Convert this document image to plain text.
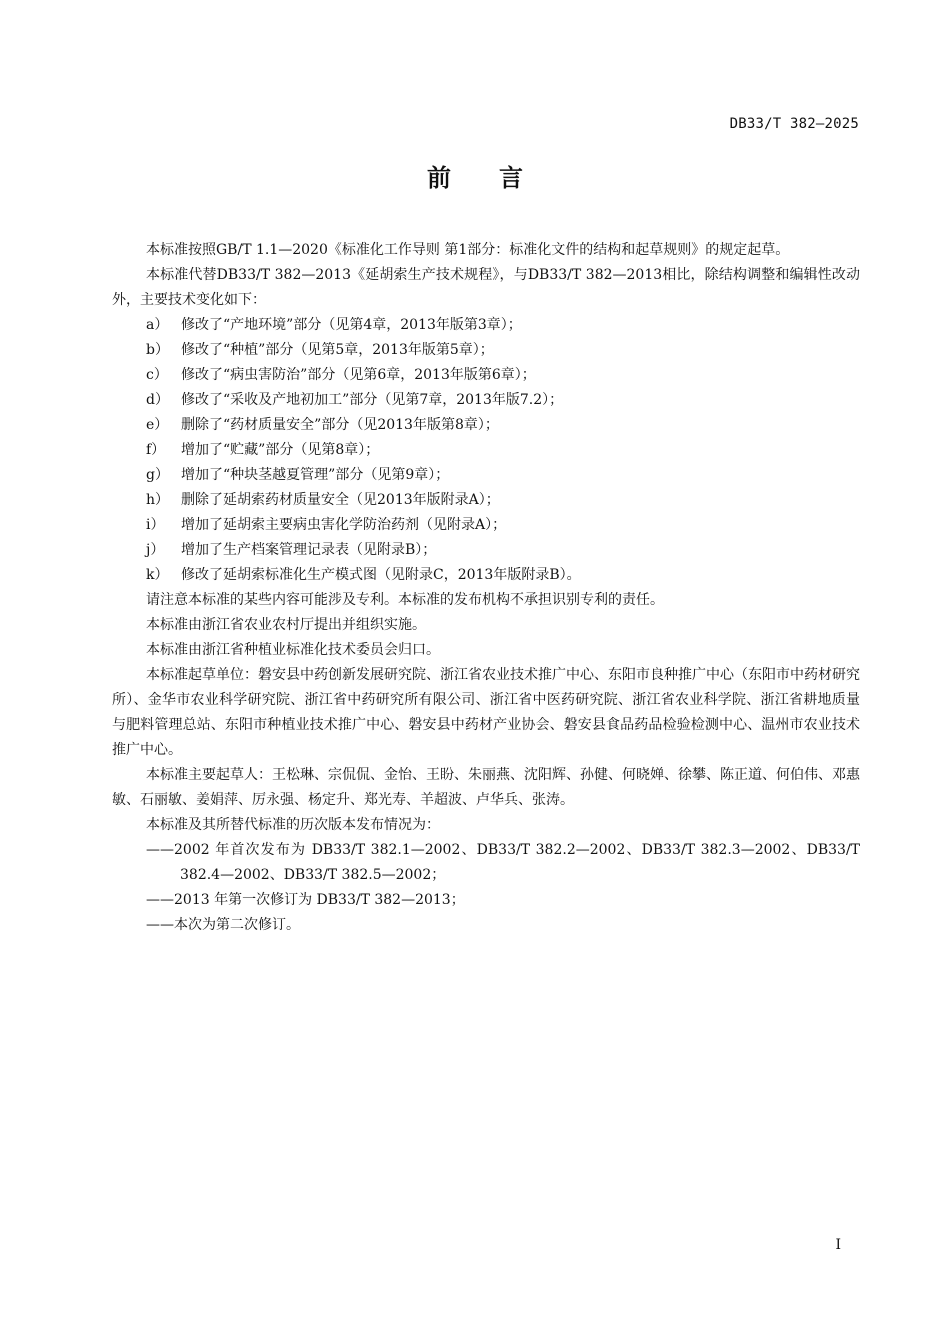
DB33/T 382—2025
前言

本标准按照GB/T 1.1—2020《标准化工作导则 第1部分：标准化文件的结构和起草规则》的规定起草。

本标准代替DB33/T 382—2013《延胡索生产技术规程》，与DB33/T 382—2013相比，除结构调整和编辑性改动外，主要技术变化如下：

a） 修改了“产地环境”部分（见第4章，2013年版第3章）；

b） 修改了“种植”部分（见第5章，2013年版第5章）；

c） 修改了“病虫害防治”部分（见第6章，2013年版第6章）；

d） 修改了“采收及产地初加工”部分（见第7章，2013年版7.2）；

e） 删除了“药材质量安全”部分（见2013年版第8章）；

f） 增加了“贮藏”部分（见第8章）；

g） 增加了“种块茎越夏管理”部分（见第9章）；

h） 删除了延胡索药材质量安全（见2013年版附录A）；

i） 增加了延胡索主要病虫害化学防治药剂（见附录A）；

j） 增加了生产档案管理记录表（见附录B）；

k） 修改了延胡索标准化生产模式图（见附录C，2013年版附录B）。

请注意本标准的某些内容可能涉及专利。本标准的发布机构不承担识别专利的责任。

本标准由浙江省农业农村厅提出并组织实施。

本标准由浙江省种植业标准化技术委员会归口。

本标准起草单位：磐安县中药创新发展研究院、浙江省农业技术推广中心、东阳市良种推广中心（东阳市中药材研究所）、金华市农业科学研究院、浙江省中药研究所有限公司、浙江省中医药研究院、浙江省农业科学院、浙江省耕地质量与肥料管理总站、东阳市种植业技术推广中心、磐安县中药材产业协会、磐安县食品药品检验检测中心、温州市农业技术推广中心。

本标准主要起草人：王松琳、宗侃侃、金怡、王盼、朱丽燕、沈阳辉、孙健、何晓婵、徐攀、陈正道、何伯伟、邓惠敏、石丽敏、姜娟萍、厉永强、杨定升、郑光寿、羊超波、卢华兵、张涛。

本标准及其所替代标准的历次版本发布情况为：

——2002 年首次发布为 DB33/T 382.1—2002、DB33/T 382.2—2002、DB33/T 382.3—2002、DB33/T 382.4—2002、DB33/T 382.5—2002；

——2013 年第一次修订为 DB33/T 382—2013；

——本次为第二次修订。

I
